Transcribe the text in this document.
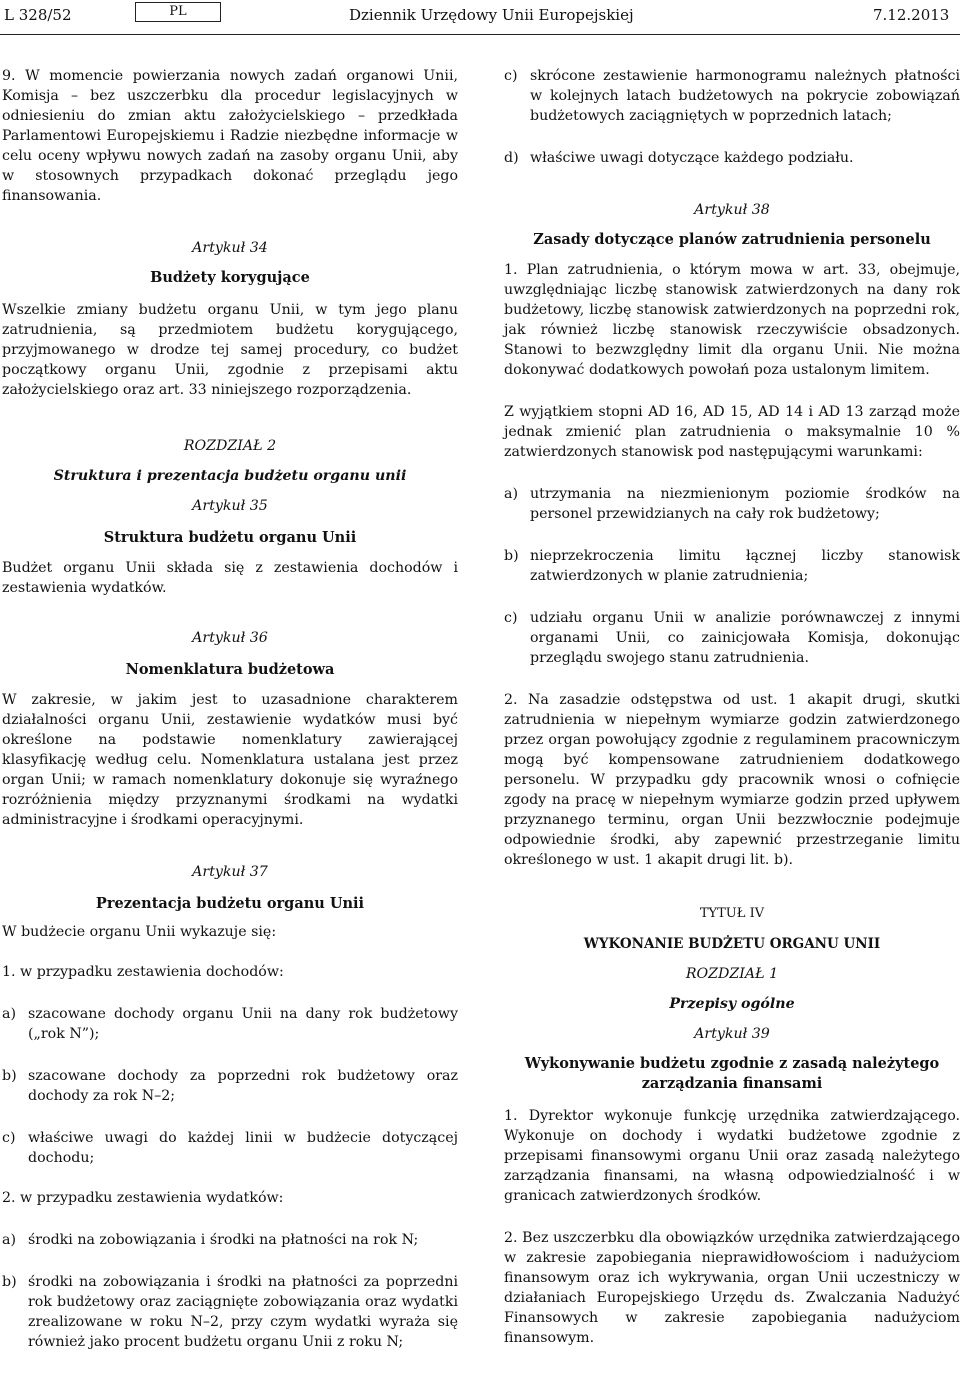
L 328/52	PL	Dziennik Urzędowy Unii Europejskiej	7.12.2013

9. W momencie powierzania nowych zadań organowi Unii, Komisja – bez uszczerbku dla procedur legislacyjnych w odniesieniu do zmian aktu założycielskiego – przedkłada Parlamentowi Europejskiemu i Radzie niezbędne informacje w celu oceny wpływu nowych zadań na zasoby organu Unii, aby w stosownych przypadkach dokonać przeglądu jego finansowania.

Artykuł 34
Budżety korygujące

Wszelkie zmiany budżetu organu Unii, w tym jego planu zatrudnienia, są przedmiotem budżetu korygującego, przyjmowanego w drodze tej samej procedury, co budżet początkowy organu Unii, zgodnie z przepisami aktu założycielskiego oraz art. 33 niniejszego rozporządzenia.

ROZDZIAŁ 2
Struktura i prezentacja budżetu organu unii
Artykuł 35
Struktura budżetu organu Unii

Budżet organu Unii składa się z zestawienia dochodów i zestawienia wydatków.

Artykuł 36
Nomenklatura budżetowa

W zakresie, w jakim jest to uzasadnione charakterem działalności organu Unii, zestawienie wydatków musi być określone na podstawie nomenklatury zawierającej klasyfikację według celu. Nomenklatura ustalana jest przez organ Unii; w ramach nomenklatury dokonuje się wyraźnego rozróżnienia między przyznanymi środkami na wydatki administracyjne i środkami operacyjnymi.

Artykuł 37
Prezentacja budżetu organu Unii

W budżecie organu Unii wykazuje się:

1. w przypadku zestawienia dochodów:

a) szacowane dochody organu Unii na dany rok budżetowy („rok N”);
b) szacowane dochody za poprzedni rok budżetowy oraz dochody za rok N–2;
c) właściwe uwagi do każdej linii w budżecie dotyczącej dochodu;

2. w przypadku zestawienia wydatków:

a) środki na zobowiązania i środki na płatności na rok N;
b) środki na zobowiązania i środki na płatności za poprzedni rok budżetowy oraz zaciągnięte zobowiązania oraz wydatki zrealizowane w roku N–2, przy czym wydatki wyraża się również jako procent budżetu organu Unii z roku N;
c) skrócone zestawienie harmonogramu należnych płatności w kolejnych latach budżetowych na pokrycie zobowiązań budżetowych zaciągniętych w poprzednich latach;
d) właściwe uwagi dotyczące każdego podziału.
Artykuł 38
Zasady dotyczące planów zatrudnienia personelu

1. Plan zatrudnienia, o którym mowa w art. 33, obejmuje, uwzględniając liczbę stanowisk zatwierdzonych na dany rok budżetowy, liczbę stanowisk zatwierdzonych na poprzedni rok, jak również liczbę stanowisk rzeczywiście obsadzonych. Stanowi to bezwzględny limit dla organu Unii. Nie można dokonywać dodatkowych powołań poza ustalonym limitem.

Z wyjątkiem stopni AD 16, AD 15, AD 14 i AD 13 zarząd może jednak zmienić plan zatrudnienia o maksymalnie 10 % zatwierdzonych stanowisk pod następującymi warunkami:

a) utrzymania na niezmienionym poziomie środków na personel przewidzianych na cały rok budżetowy;
b) nieprzekroczenia limitu łącznej liczby stanowisk zatwierdzonych w planie zatrudnienia;
c) udziału organu Unii w analizie porównawczej z innymi organami Unii, co zainicjowała Komisja, dokonując przeglądu swojego stanu zatrudnienia.

2. Na zasadzie odstępstwa od ust. 1 akapit drugi, skutki zatrudnienia w niepełnym wymiarze godzin zatwierdzonego przez organ powołujący zgodnie z regulaminem pracowniczym mogą być kompensowane zatrudnieniem dodatkowego personelu. W przypadku gdy pracownik wnosi o cofnięcie zgody na pracę w niepełnym wymiarze godzin przed upływem przyznanego terminu, organ Unii bezzwłocznie podejmuje odpowiednie środki, aby zapewnić przestrzeganie limitu określonego w ust. 1 akapit drugi lit. b).

TYTUŁ IV
WYKONANIE BUDŻETU ORGANU UNII
ROZDZIAŁ 1
Przepisy ogólne
Artykuł 39
Wykonywanie budżetu zgodnie z zasadą należytego zarządzania finansami

1. Dyrektor wykonuje funkcję urzędnika zatwierdzającego. Wykonuje on dochody i wydatki budżetowe zgodnie z przepisami finansowymi organu Unii oraz zasadą należytego zarządzania finansami, na własną odpowiedzialność i w granicach zatwierdzonych środków.

2. Bez uszczerbku dla obowiązków urzędnika zatwierdzającego w zakresie zapobiegania nieprawidłowościom i nadużyciom finansowym oraz ich wykrywania, organ Unii uczestniczy w działaniach Europejskiego Urzędu ds. Zwalczania Nadużyć Finansowych w zakresie zapobiegania nadużyciom finansowym.
